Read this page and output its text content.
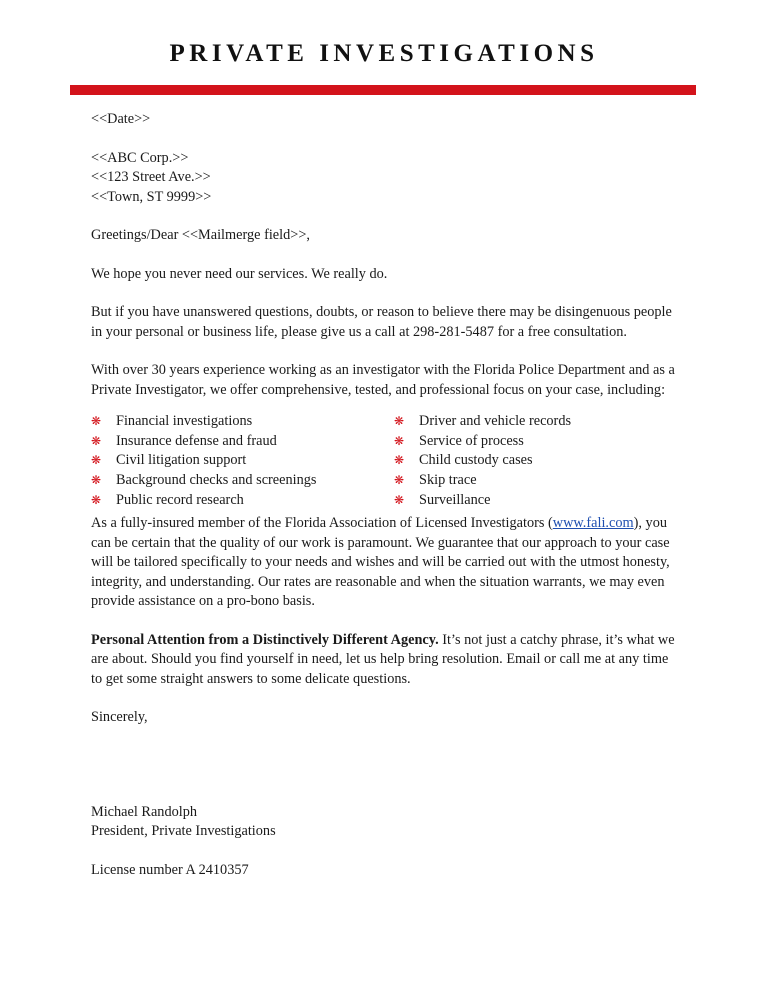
PRIVATE INVESTIGATIONS

<<Date>>

<<ABC Corp.>>
<<123 Street Ave.>>
<<Town, ST 9999>>

Greetings/Dear <<Mailmerge field>>,

We hope you never need our services. We really do.

But if you have unanswered questions, doubts, or reason to believe there may be disingenuous people in your personal or business life, please give us a call at 298-281-5487 for a free consultation.

With over 30 years experience working as an investigator with the Florida Police Department and as a Private Investigator, we offer comprehensive, tested, and professional focus on your case, including:

❋ Financial investigations
❋ Insurance defense and fraud
❋ Civil litigation support
❋ Background checks and screenings
❋ Public record research
❋ Driver and vehicle records
❋ Service of process
❋ Child custody cases
❋ Skip trace
❋ Surveillance

As a fully-insured member of the Florida Association of Licensed Investigators (www.fali.com), you can be certain that the quality of our work is paramount. We guarantee that our approach to your case will be tailored specifically to your needs and wishes and will be carried out with the utmost honesty, integrity, and understanding. Our rates are reasonable and when the situation warrants, we may even provide assistance on a pro-bono basis.

Personal Attention from a Distinctively Different Agency. It’s not just a catchy phrase, it’s what we are about. Should you find yourself in need, let us help bring resolution. Email or call me at any time to get some straight answers to some delicate questions.

Sincerely,

Michael Randolph
President, Private Investigations

License number A 2410357
